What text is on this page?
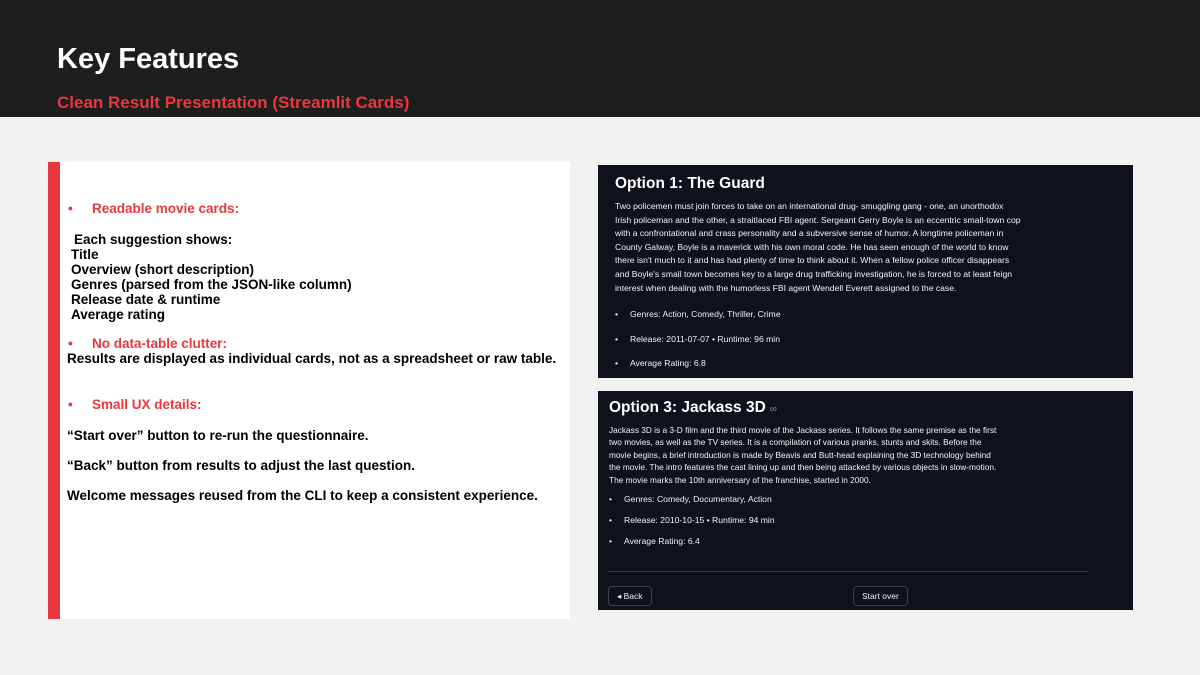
Key Features
Clean Result Presentation (Streamlit Cards)
• Readable movie cards:
Each suggestion shows:
Title
Overview (short description)
Genres (parsed from the JSON-like column)
Release date & runtime
Average rating
• No data-table clutter:
Results are displayed as individual cards, not as a spreadsheet or raw table.
• Small UX details:
“Start over” button to re-run the questionnaire.
“Back” button from results to adjust the last question.
Welcome messages reused from the CLI to keep a consistent experience.
Option 1: The Guard
Two policemen must join forces to take on an international drug- smuggling gang - one, an unorthodox
Irish policeman and the other, a straitlaced FBI agent. Sergeant Gerry Boyle is an eccentric small-town cop
with a confrontational and crass personality and a subversive sense of humor. A longtime policeman in
County Galway, Boyle is a maverick with his own moral code. He has seen enough of the world to know
there isn't much to it and has had plenty of time to think about it. When a fellow police officer disappears
and Boyle's small town becomes key to a large drug trafficking investigation, he is forced to at least feign
interest when dealing with the humorless FBI agent Wendell Everett assigned to the case.
• Genres: Action, Comedy, Thriller, Crime
• Release: 2011-07-07 • Runtime: 96 min
• Average Rating: 6.8
Option 3: Jackass 3D ∞
Jackass 3D is a 3-D film and the third movie of the Jackass series. It follows the same premise as the first
two movies, as well as the TV series. It is a compilation of various pranks, stunts and skits. Before the
movie begins, a brief introduction is made by Beavis and Butt-head explaining the 3D technology behind
the movie. The intro features the cast lining up and then being attacked by various objects in slow-motion.
The movie marks the 10th anniversary of the franchise, started in 2000.
• Genres: Comedy, Documentary, Action
• Release: 2010-10-15 • Runtime: 94 min
• Average Rating: 6.4
◂ Back	Start over
